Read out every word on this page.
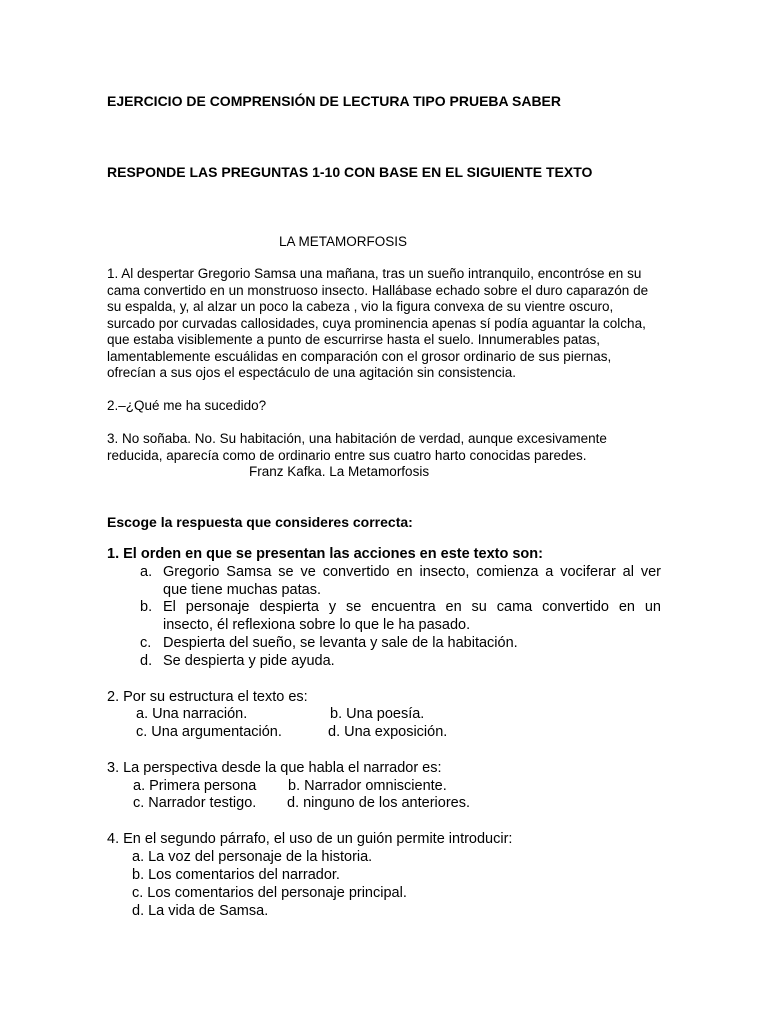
EJERCICIO DE COMPRENSIÓN DE LECTURA TIPO PRUEBA SABER
RESPONDE LAS PREGUNTAS 1-10 CON BASE EN EL SIGUIENTE TEXTO
LA METAMORFOSIS
1. Al despertar Gregorio Samsa una mañana, tras un sueño intranquilo, encontróse en su
cama convertido en un monstruoso insecto. Hallábase echado sobre el duro caparazón de
su espalda, y, al alzar un poco la cabeza , vio la figura convexa de su vientre oscuro,
surcado por curvadas callosidades, cuya prominencia apenas sí podía aguantar la colcha,
que estaba visiblemente a punto de escurrirse hasta el suelo. Innumerables patas,
lamentablemente escuálidas en comparación con el grosor ordinario de sus piernas,
ofrecían a sus ojos el espectáculo de una agitación sin consistencia.
2.–¿Qué me ha sucedido?
3. No soñaba. No. Su habitación, una habitación de verdad, aunque excesivamente
reducida, aparecía como de ordinario entre sus cuatro harto conocidas paredes.
Franz Kafka. La Metamorfosis
Escoge la respuesta que consideres correcta:
1. El orden en que se presentan las acciones en este texto son:
a. Gregorio Samsa se ve convertido en insecto, comienza a vociferar al ver
que tiene muchas patas.
b. El personaje despierta y se encuentra en su cama convertido en un
insecto, él reflexiona sobre lo que le ha pasado.
c. Despierta del sueño, se levanta y sale de la habitación.
d. Se despierta y pide ayuda.
2. Por su estructura el texto es:
a. Una narración.	b. Una poesía.
c. Una argumentación.	d. Una exposición.
3. La perspectiva desde la que habla el narrador es:
a. Primera persona b. Narrador omnisciente.
c. Narrador testigo. d. ninguno de los anteriores.
4. En el segundo párrafo, el uso de un guión permite introducir:
a. La voz del personaje de la historia.
b. Los comentarios del narrador.
c. Los comentarios del personaje principal.
d. La vida de Samsa.
